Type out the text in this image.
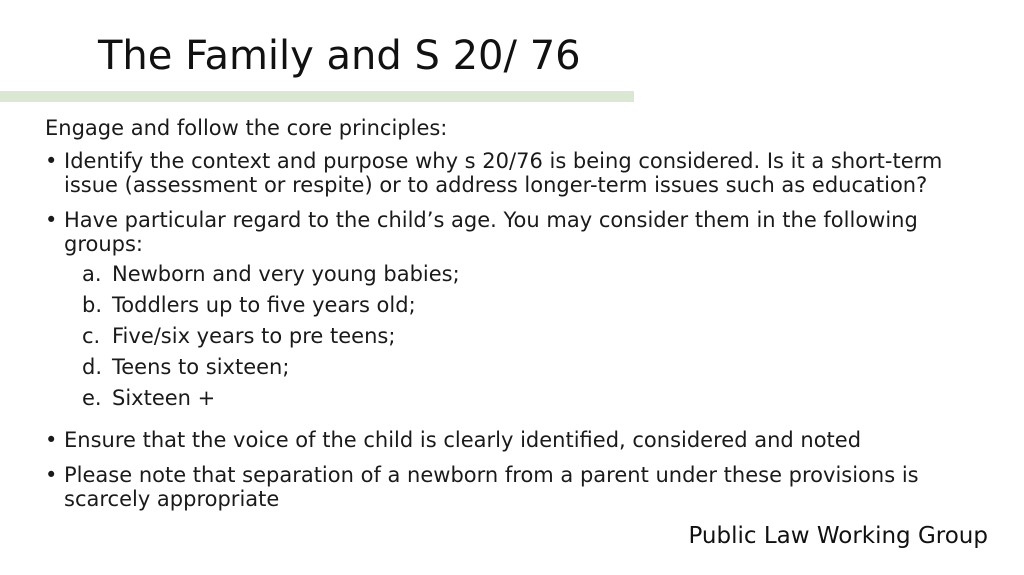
The Family and S 20/ 76
Engage and follow the core principles:
• Identify the context and purpose why s 20/76 is being considered. Is it a short-term issue (assessment or respite) or to address longer-term issues such as education?
• Have particular regard to the child’s age. You may consider them in the following groups:
a. Newborn and very young babies;
b. Toddlers up to five years old;
c. Five/six years to pre teens;
d. Teens to sixteen;
e. Sixteen +
• Ensure that the voice of the child is clearly identified, considered and noted
• Please note that separation of a newborn from a parent under these provisions is scarcely appropriate
Public Law Working Group
